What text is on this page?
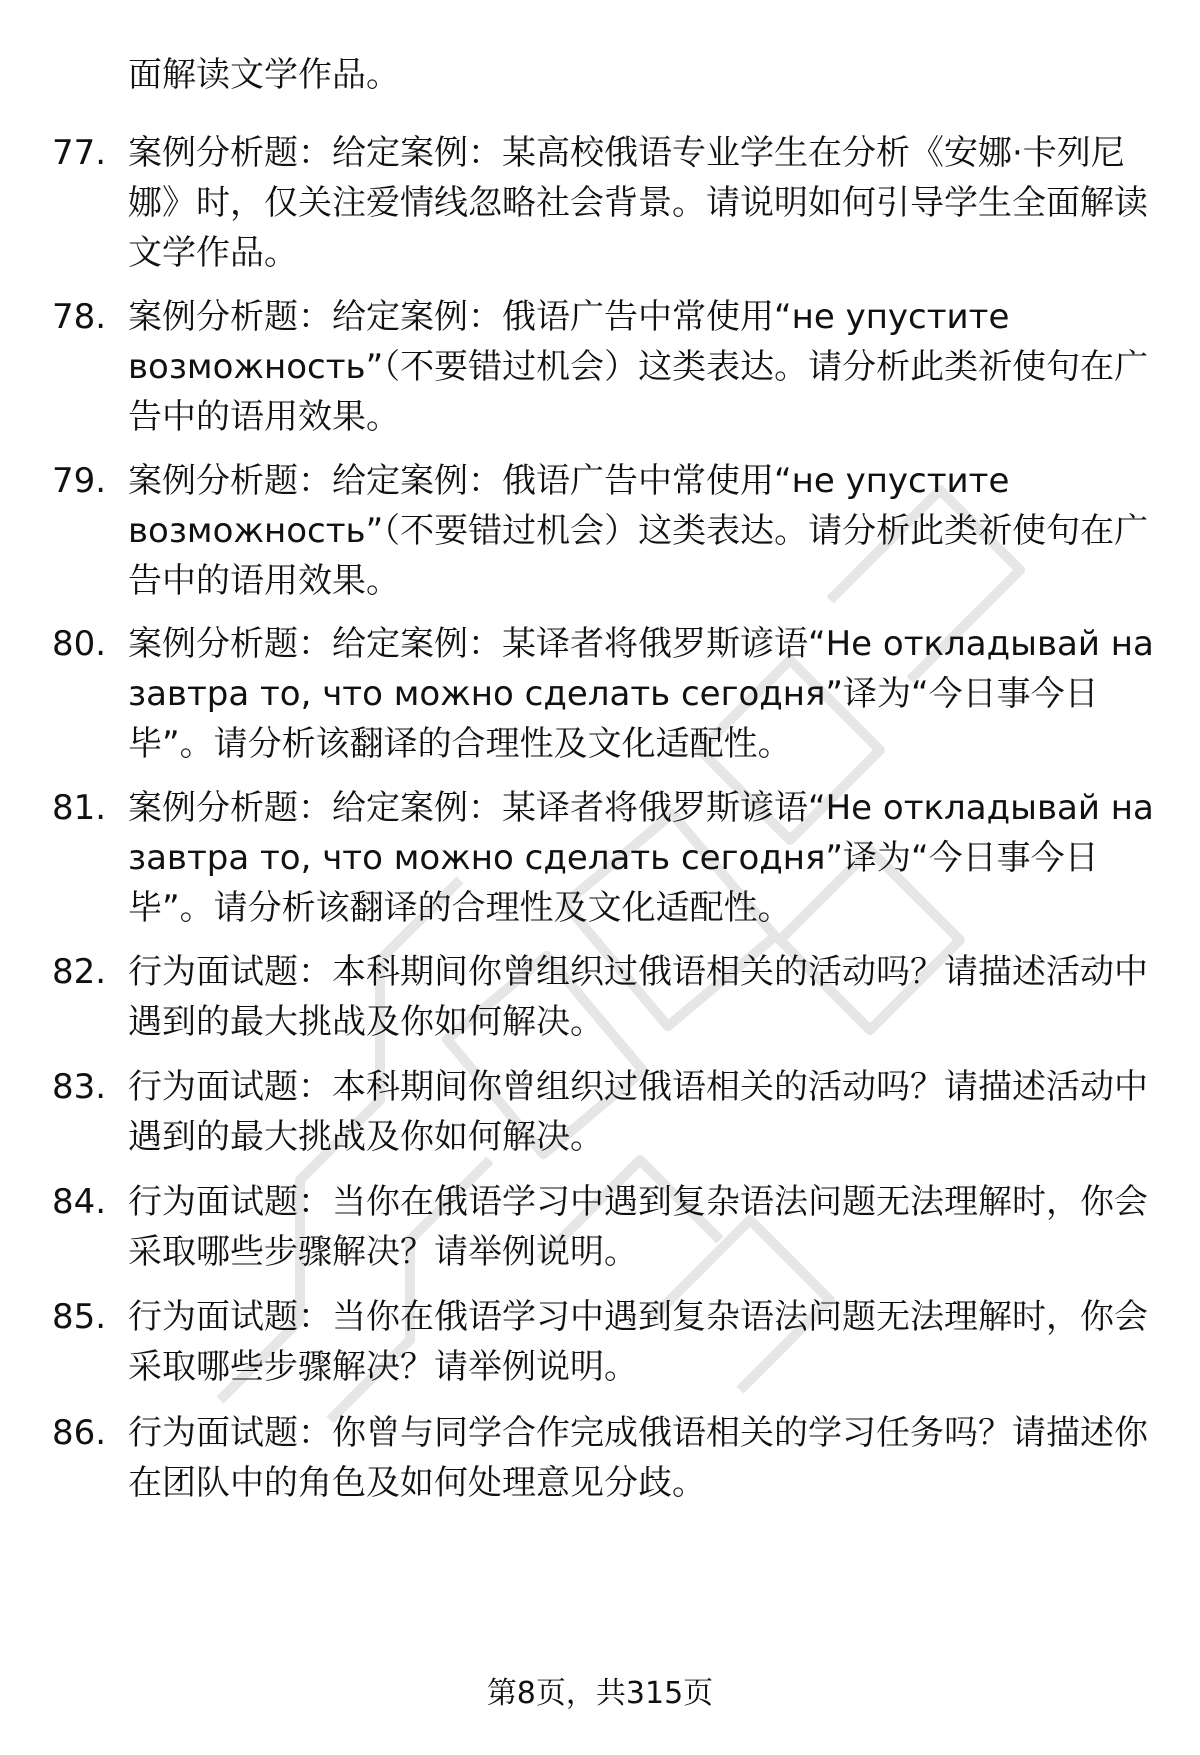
面解读文学作品。

77. 案例分析题：给定案例：某高校俄语专业学生在分析《安娜·卡列尼娜》时，仅关注爱情线忽略社会背景。请说明如何引导学生全面解读文学作品。

78. 案例分析题：给定案例：俄语广告中常使用“не упустите возможность”（不要错过机会）这类表达。请分析此类祈使句在广告中的语用效果。

79. 案例分析题：给定案例：俄语广告中常使用“не упустите возможность”（不要错过机会）这类表达。请分析此类祈使句在广告中的语用效果。

80. 案例分析题：给定案例：某译者将俄罗斯谚语“Не откладывай на завтра то, что можно сделать сегодня”译为“今日事今日毕”。请分析该翻译的合理性及文化适配性。

81. 案例分析题：给定案例：某译者将俄罗斯谚语“Не откладывай на завтра то, что можно сделать сегодня”译为“今日事今日毕”。请分析该翻译的合理性及文化适配性。

82. 行为面试题：本科期间你曾组织过俄语相关的活动吗？请描述活动中遇到的最大挑战及你如何解决。

83. 行为面试题：本科期间你曾组织过俄语相关的活动吗？请描述活动中遇到的最大挑战及你如何解决。

84. 行为面试题：当你在俄语学习中遇到复杂语法问题无法理解时，你会采取哪些步骤解决？请举例说明。

85. 行为面试题：当你在俄语学习中遇到复杂语法问题无法理解时，你会采取哪些步骤解决？请举例说明。

86. 行为面试题：你曾与同学合作完成俄语相关的学习任务吗？请描述你在团队中的角色及如何处理意见分歧。

第8页，共315页
